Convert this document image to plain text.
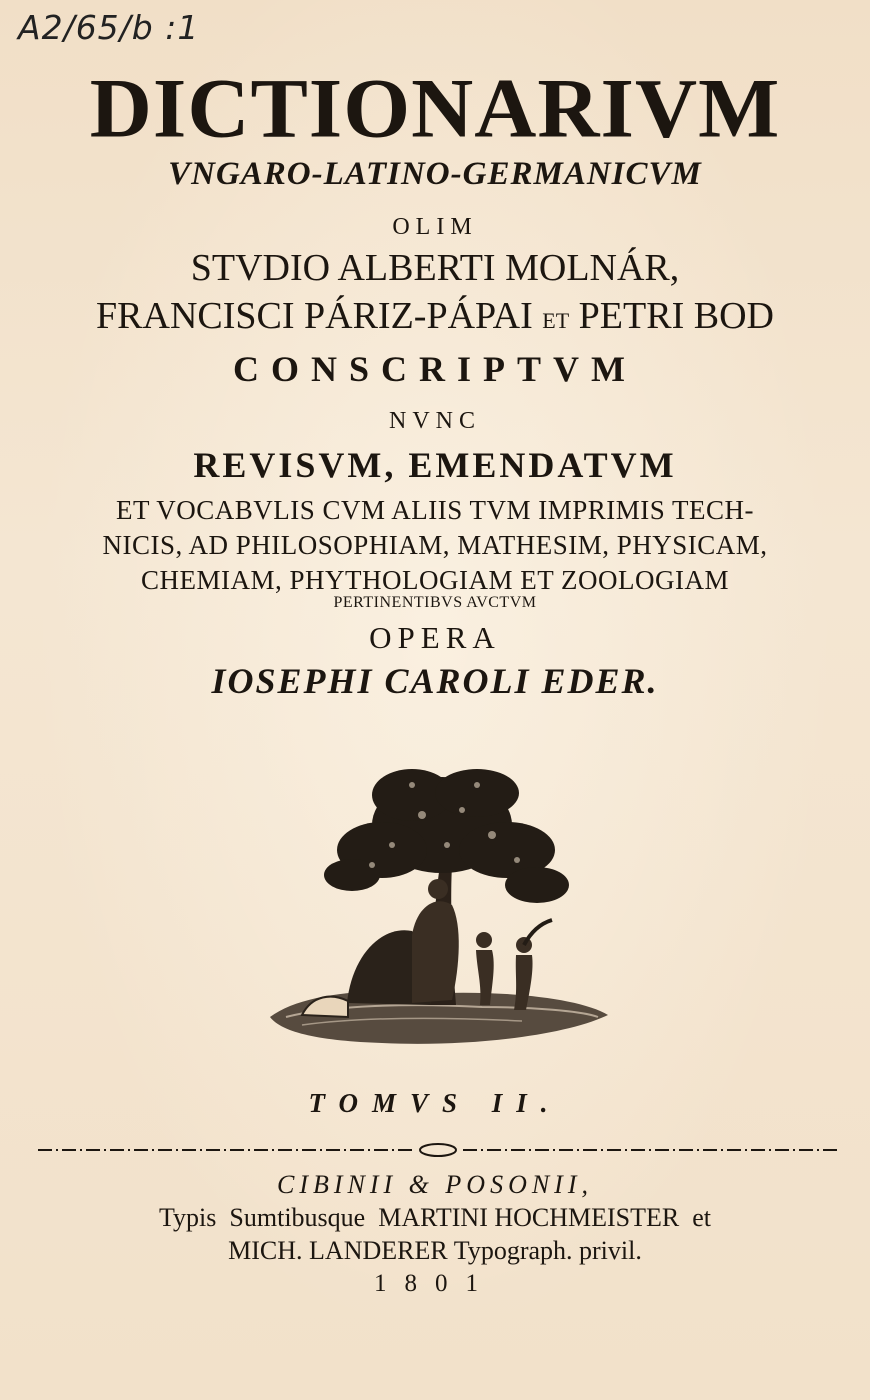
A2/65/b :1
DICTIONARIVM
VNGARO-LATINO-GERMANICVM
OLIM
STVDIO ALBERTI MOLNÁR,
FRANCISCI PÁRIZ-PÁPAI ET PETRI BOD
CONSCRIPTVM
NVNC
REVISVM, EMENDATVM
ET VOCABVLIS CVM ALIIS TVM IMPRIMIS TECH-
NICIS, AD PHILOSOPHIAM, MATHESIM, PHYSICAM,
CHEMIAM, PHYTHOLOGIAM ET ZOOLOGIAM
PERTINENTIBVS AVCTVM
OPERA
IOSEPHI CAROLI EDER.
TOMVS II.
CIBINII & POSONII,
Typis Sumtibusque MARTINI HOCHMEISTER et
MICH. LANDERER Typograph. privil.
1801
